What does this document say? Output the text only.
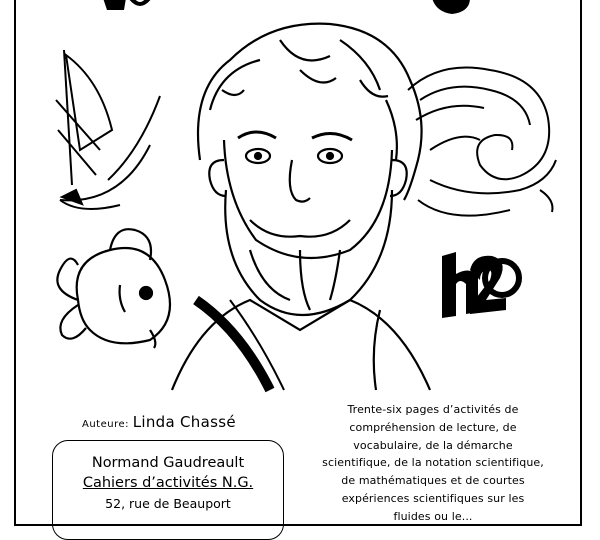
Auteure: Linda Chassé
Normand Gaudreault
Cahiers d’activités N.G.
52, rue de Beauport
Trente-six pages d’activités de compréhension de lecture, de vocabulaire, de la démarche scientifique, de la notation scientifique, de mathématiques et de courtes expériences scientifiques sur les fluides ou le...
